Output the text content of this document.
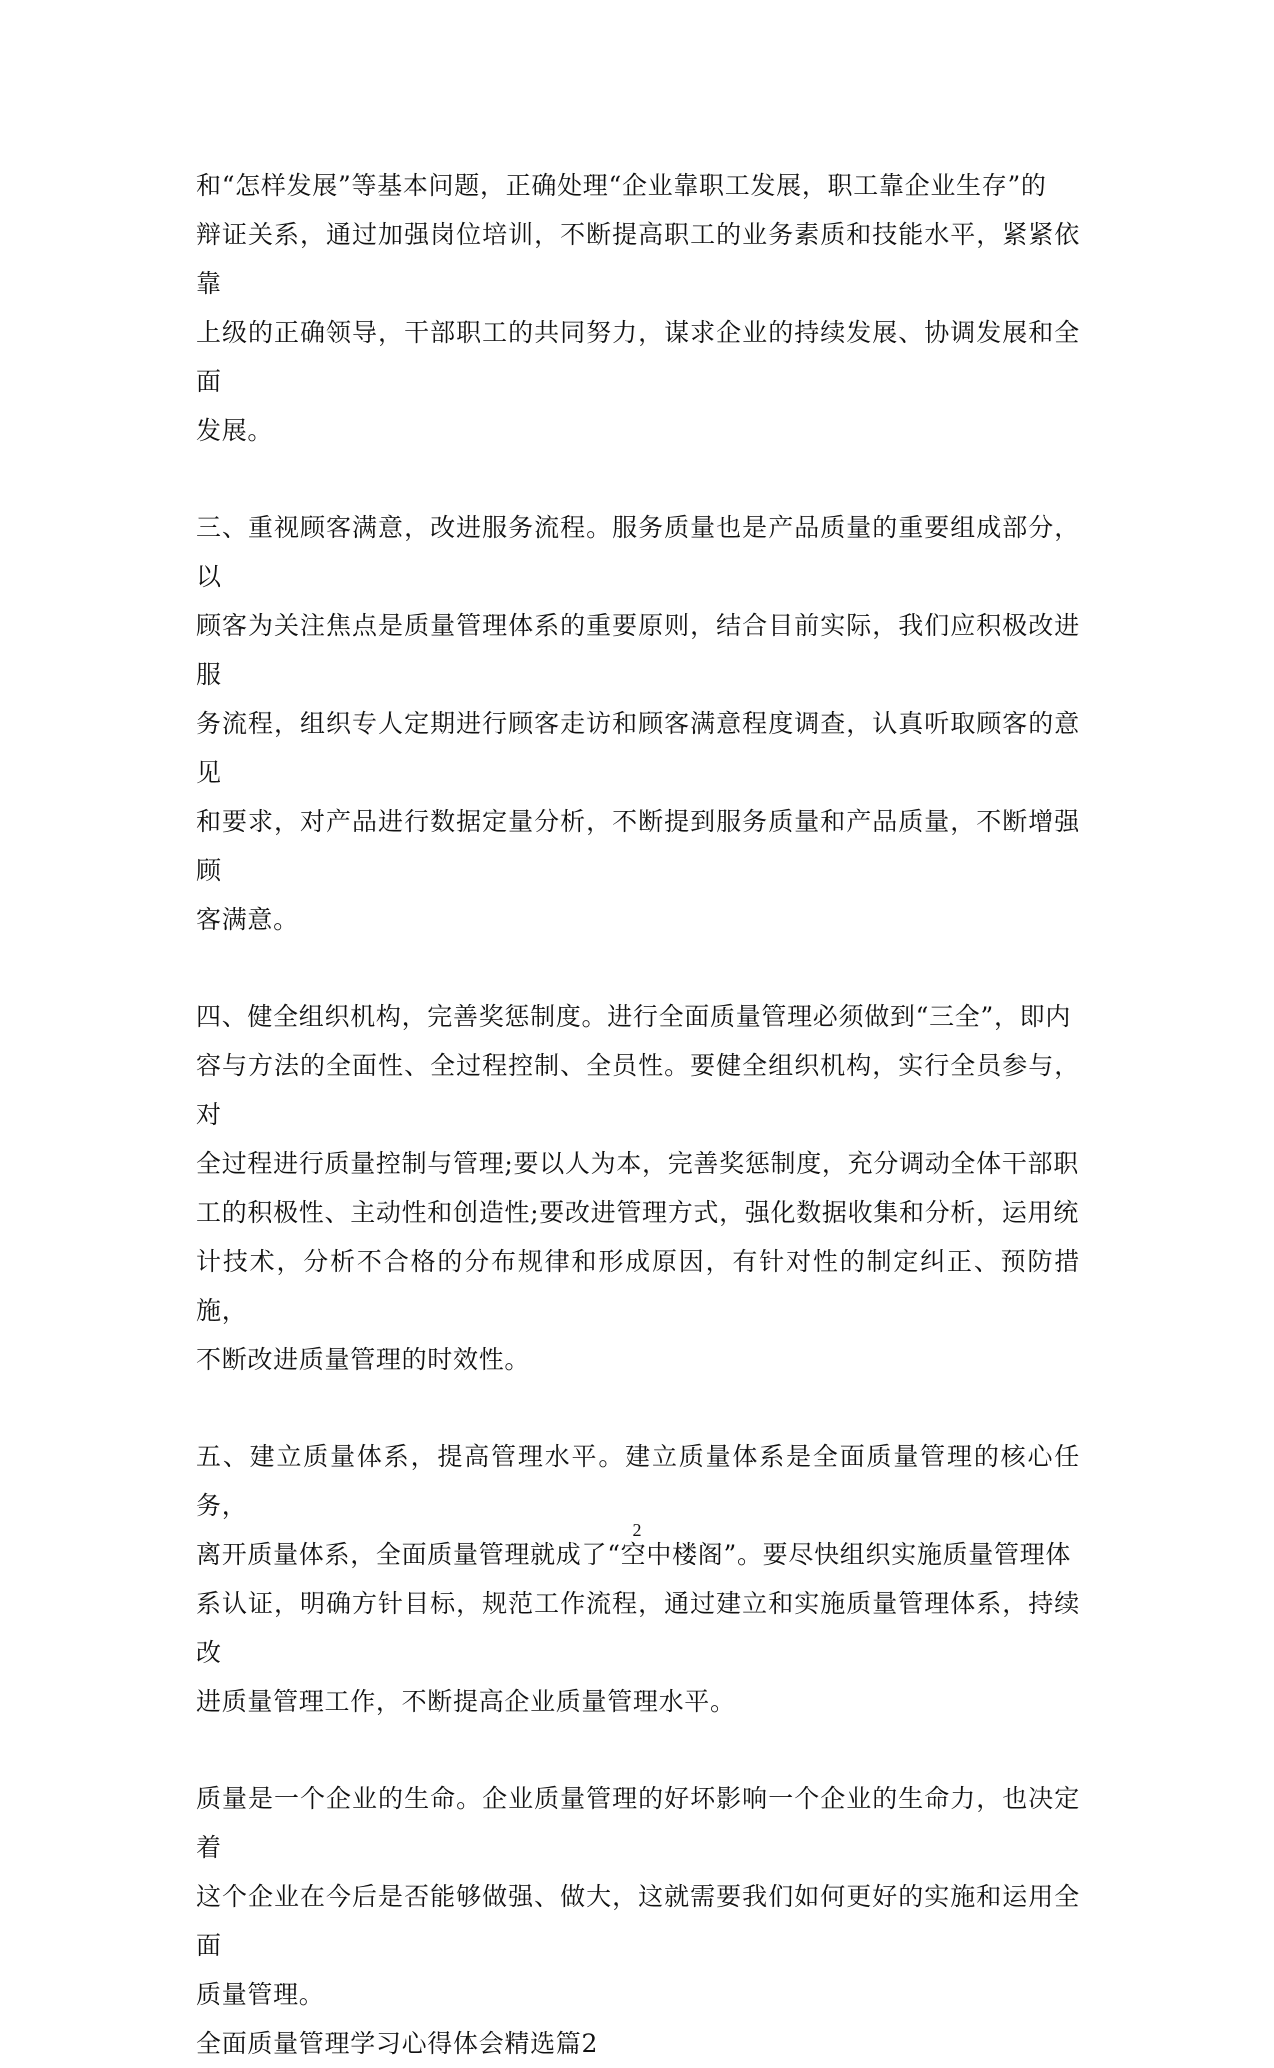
和“怎样发展”等基本问题，正确处理“企业靠职工发展，职工靠企业生存”的
辩证关系，通过加强岗位培训，不断提高职工的业务素质和技能水平，紧紧依靠
上级的正确领导，干部职工的共同努力，谋求企业的持续发展、协调发展和全面
发展。

三、重视顾客满意，改进服务流程。服务质量也是产品质量的重要组成部分，以
顾客为关注焦点是质量管理体系的重要原则，结合目前实际，我们应积极改进服
务流程，组织专人定期进行顾客走访和顾客满意程度调查，认真听取顾客的意见
和要求，对产品进行数据定量分析，不断提到服务质量和产品质量，不断增强顾
客满意。

四、健全组织机构，完善奖惩制度。进行全面质量管理必须做到“三全”，即内
容与方法的全面性、全过程控制、全员性。要健全组织机构，实行全员参与，对
全过程进行质量控制与管理;要以人为本，完善奖惩制度，充分调动全体干部职
工的积极性、主动性和创造性;要改进管理方式，强化数据收集和分析，运用统
计技术，分析不合格的分布规律和形成原因，有针对性的制定纠正、预防措施，
不断改进质量管理的时效性。

五、建立质量体系，提高管理水平。建立质量体系是全面质量管理的核心任务，
离开质量体系，全面质量管理就成了“空中楼阁”。要尽快组织实施质量管理体
系认证，明确方针目标，规范工作流程，通过建立和实施质量管理体系，持续改
进质量管理工作，不断提高企业质量管理水平。

质量是一个企业的生命。企业质量管理的好坏影响一个企业的生命力，也决定着
这个企业在今后是否能够做强、做大，这就需要我们如何更好的实施和运用全面
质量管理。

全面质量管理学习心得体会精选篇2

2
